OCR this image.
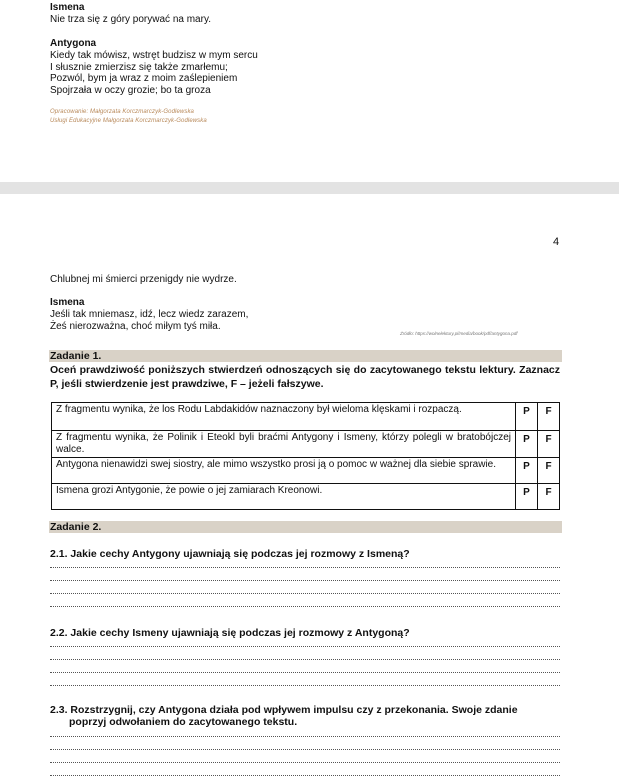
Ismena
Nie trza się z góry porywać na mary.
Antygona
Kiedy tak mówisz, wstręt budzisz w mym sercu
I słusznie zmierzisz się także zmarłemu;
Pozwól, bym ja wraz z moim zaślepieniem
Spojrzała w oczy grozie; bo ta groza
Opracowanie: Małgorzata Korczmarczyk-Godlewska
Usługi Edukacyjne Małgorzata Korczmarczyk-Godlewska
4
Chlubnej mi śmierci przenigdy nie wydrze.
Ismena
Jeśli tak mniemasz, idź, lecz wiedz zarazem,
Żeś nierozważna, choć miłym tyś miła.
Źródło: https://wolnelektury.pl/media/book/pdf/antygona.pdf
Zadanie 1.
Oceń prawdziwość poniższych stwierdzeń odnoszących się do zacytowanego tekstu lektury. Zaznacz P, jeśli stwierdzenie jest prawdziwe, F – jeżeli fałszywe.
Z fragmentu wynika, że los Rodu Labdakidów naznaczony był wieloma klęskami i rozpaczą.	P	F
Z fragmentu wynika, że Polinik i Eteokl byli braćmi Antygony i Ismeny, którzy polegli w bratobójczej walce.	P	F
Antygona nienawidzi swej siostry, ale mimo wszystko prosi ją o pomoc w ważnej dla siebie sprawie.	P	F
Ismena grozi Antygonie, że powie o jej zamiarach Kreonowi.	P	F
Zadanie 2.
2.1. Jakie cechy Antygony ujawniają się podczas jej rozmowy z Ismeną?
2.2. Jakie cechy Ismeny ujawniają się podczas jej rozmowy z Antygoną?
2.3. Rozstrzygnij, czy Antygona działa pod wpływem impulsu czy z przekonania. Swoje zdanie
poprzyj odwołaniem do zacytowanego tekstu.
